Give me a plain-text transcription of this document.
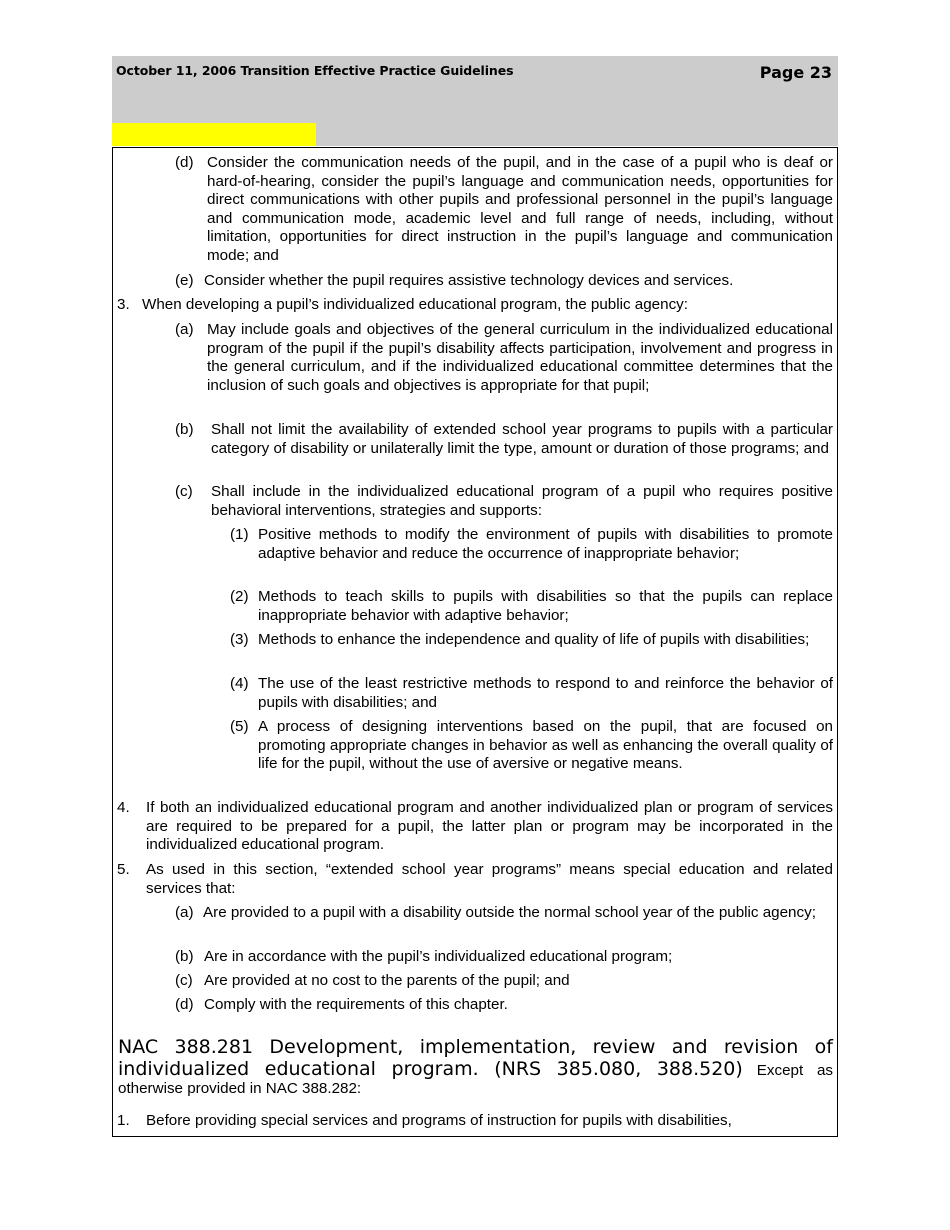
October 11, 2006 Transition Effective Practice Guidelines	Page 23
(d) Consider the communication needs of the pupil, and in the case of a pupil who is deaf or hard-of-hearing, consider the pupil’s language and communication needs, opportunities for direct communications with other pupils and professional personnel in the pupil’s language and communication mode, academic level and full range of needs, including, without limitation, opportunities for direct instruction in the pupil’s language and communication mode; and
(e) Consider whether the pupil requires assistive technology devices and services.
3. When developing a pupil’s individualized educational program, the public agency:
(a) May include goals and objectives of the general curriculum in the individualized educational program of the pupil if the pupil’s disability affects participation, involvement and progress in the general curriculum, and if the individualized educational committee determines that the inclusion of such goals and objectives is appropriate for that pupil;
(b) Shall not limit the availability of extended school year programs to pupils with a particular category of disability or unilaterally limit the type, amount or duration of those programs; and
(c) Shall include in the individualized educational program of a pupil who requires positive behavioral interventions, strategies and supports:
(1) Positive methods to modify the environment of pupils with disabilities to promote adaptive behavior and reduce the occurrence of inappropriate behavior;
(2) Methods to teach skills to pupils with disabilities so that the pupils can replace inappropriate behavior with adaptive behavior;
(3) Methods to enhance the independence and quality of life of pupils with disabilities;
(4) The use of the least restrictive methods to respond to and reinforce the behavior of pupils with disabilities; and
(5) A process of designing interventions based on the pupil, that are focused on promoting appropriate changes in behavior as well as enhancing the overall quality of life for the pupil, without the use of aversive or negative means.
4. If both an individualized educational program and another individualized plan or program of services are required to be prepared for a pupil, the latter plan or program may be incorporated in the individualized educational program.
5. As used in this section, “extended school year programs” means special education and related services that:
(a) Are provided to a pupil with a disability outside the normal school year of the public agency;
(b) Are in accordance with the pupil’s individualized educational program;
(c) Are provided at no cost to the parents of the pupil; and
(d) Comply with the requirements of this chapter.
NAC 388.281 Development, implementation, review and revision of individualized educational program. (NRS 385.080, 388.520) Except as otherwise provided in NAC 388.282:
1. Before providing special services and programs of instruction for pupils with disabilities,
